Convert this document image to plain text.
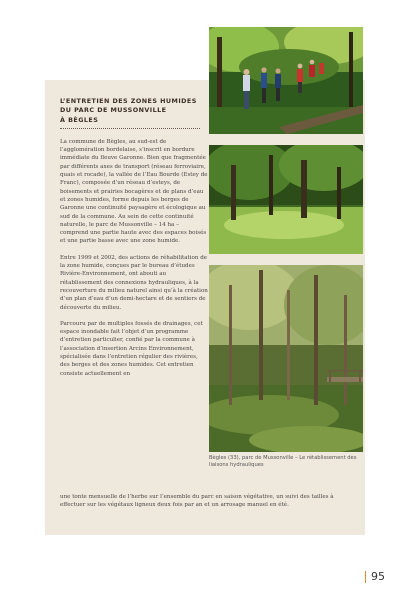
L’ENTRETIEN DES ZONES HUMIDES
DU PARC DE MUSSONVILLE
À BÈGLES

La commune de Bègles, au sud-est de l’agglomération bordelaise, s’inscrit en bordure immédiate du fleuve Garonne. Bien que fragmentée par différents axes de transport (réseau ferroviaire, quais et rocade), la vallée de l’Eau Bourde (Estey de Franc), composée d’un réseau d’esteys, de boisements et prairies bocagères et de plans d’eau et zones humides, forme depuis les berges de Garonne une continuité paysagère et écologique au sud de la commune. Au sein de cette continuité naturelle, le parc de Mussonville – 14 ha – comprend une partie haute avec des espaces boisés et une partie basse avec une zone humide.

Entre 1999 et 2002, des actions de réhabilitation de la zone humide, conçues par le bureau d’études Rivière-Environnement, ont abouti au rétablissement des connexions hydrauliques, à la recouverture du milieu naturel ainsi qu’à la création d’un plan d’eau d’un demi-hectare et de sentiers de découverte du milieu.

Parcouru par de multiples fossés de drainages, cet espace inondable fait l’objet d’un programme d’entretien particulier, confié par la commune à l’association d’insertion Arcins Environnement, spécialisée dans l’entretien régulier des rivières, des berges et des zones humides. Cet entretien consiste actuellement en

une tonte mensuelle de l’herbe sur l’ensemble du parc en saison végétative, un suivi des tailles à effectuer sur les végétaux ligneux deux fois par an et un arrosage manuel en été.

Bègles (33), parc de Mussonville – Le rétablissement des liaisons hydrauliques
95
